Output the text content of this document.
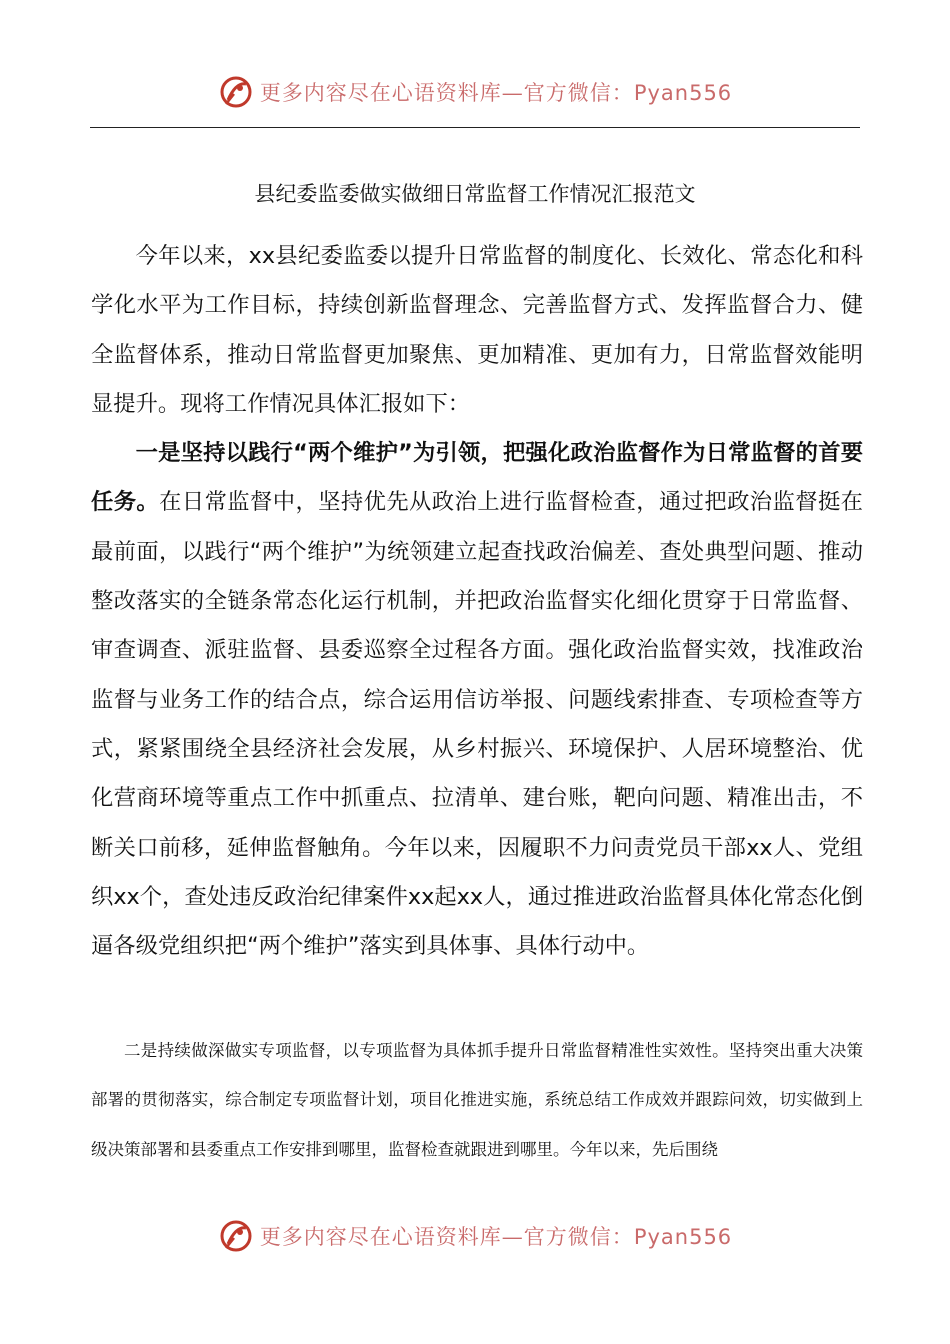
更多内容尽在心语资料库—官方微信：Pyan556
县纪委监委做实做细日常监督工作情况汇报范文

今年以来，xx县纪委监委以提升日常监督的制度化、长效化、常态化和科学化水平为工作目标，持续创新监督理念、完善监督方式、发挥监督合力、健全监督体系，推动日常监督更加聚焦、更加精准、更加有力，日常监督效能明显提升。现将工作情况具体汇报如下：

一是坚持以践行“两个维护”为引领，把强化政治监督作为日常监督的首要任务。在日常监督中，坚持优先从政治上进行监督检查，通过把政治监督挺在最前面，以践行“两个维护”为统领建立起查找政治偏差、查处典型问题、推动整改落实的全链条常态化运行机制，并把政治监督实化细化贯穿于日常监督、审查调查、派驻监督、县委巡察全过程各方面。强化政治监督实效，找准政治监督与业务工作的结合点，综合运用信访举报、问题线索排查、专项检查等方式，紧紧围绕全县经济社会发展，从乡村振兴、环境保护、人居环境整治、优化营商环境等重点工作中抓重点、拉清单、建台账，靶向问题、精准出击，不断关口前移，延伸监督触角。今年以来，因履职不力问责党员干部xx人、党组织xx个，查处违反政治纪律案件xx起xx人，通过推进政治监督具体化常态化倒逼各级党组织把“两个维护”落实到具体事、具体行动中。

二是持续做深做实专项监督，以专项监督为具体抓手提升日常监督精准性实效性。坚持突出重大决策部署的贯彻落实，综合制定专项监督计划，项目化推进实施，系统总结工作成效并跟踪问效，切实做到上级决策部署和县委重点工作安排到哪里，监督检查就跟进到哪里。今年以来，先后围绕

更多内容尽在心语资料库—官方微信：Pyan556
